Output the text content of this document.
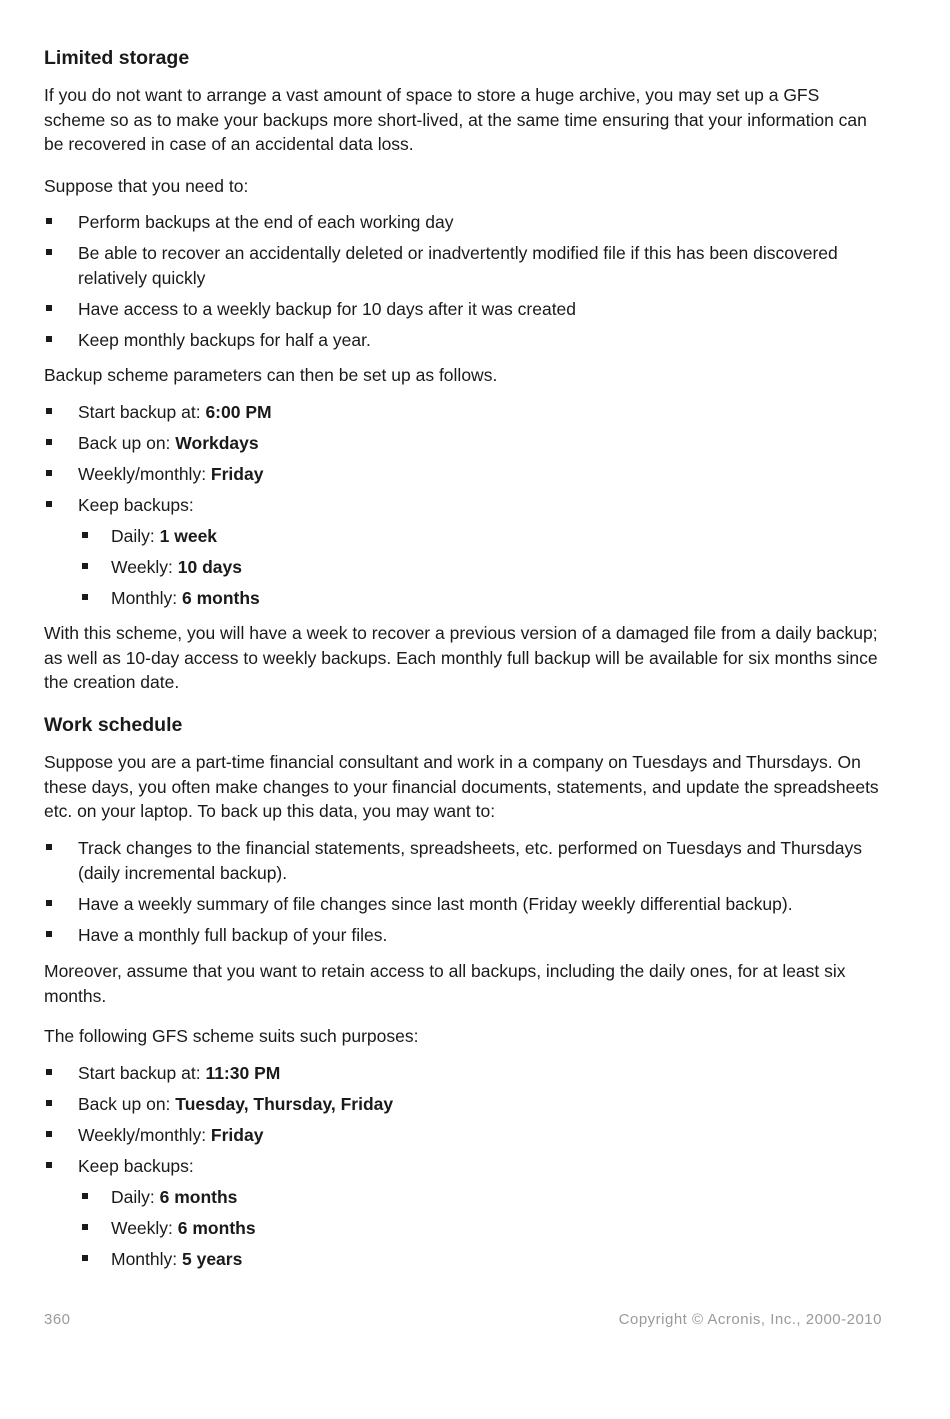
Limited storage

If you do not want to arrange a vast amount of space to store a huge archive, you may set up a GFS scheme so as to make your backups more short-lived, at the same time ensuring that your information can be recovered in case of an accidental data loss.

Suppose that you need to:

Perform backups at the end of each working day
Be able to recover an accidentally deleted or inadvertently modified file if this has been discovered relatively quickly
Have access to a weekly backup for 10 days after it was created
Keep monthly backups for half a year.

Backup scheme parameters can then be set up as follows.

Start backup at: 6:00 PM
Back up on: Workdays
Weekly/monthly: Friday
Keep backups:
Daily: 1 week
Weekly: 10 days
Monthly: 6 months

With this scheme, you will have a week to recover a previous version of a damaged file from a daily backup; as well as 10-day access to weekly backups. Each monthly full backup will be available for six months since the creation date.

Work schedule

Suppose you are a part-time financial consultant and work in a company on Tuesdays and Thursdays. On these days, you often make changes to your financial documents, statements, and update the spreadsheets etc. on your laptop. To back up this data, you may want to:

Track changes to the financial statements, spreadsheets, etc. performed on Tuesdays and Thursdays (daily incremental backup).
Have a weekly summary of file changes since last month (Friday weekly differential backup).
Have a monthly full backup of your files.

Moreover, assume that you want to retain access to all backups, including the daily ones, for at least six months.

The following GFS scheme suits such purposes:

Start backup at: 11:30 PM
Back up on: Tuesday, Thursday, Friday
Weekly/monthly: Friday
Keep backups:
Daily: 6 months
Weekly: 6 months
Monthly: 5 years
360	Copyright © Acronis, Inc., 2000-2010
